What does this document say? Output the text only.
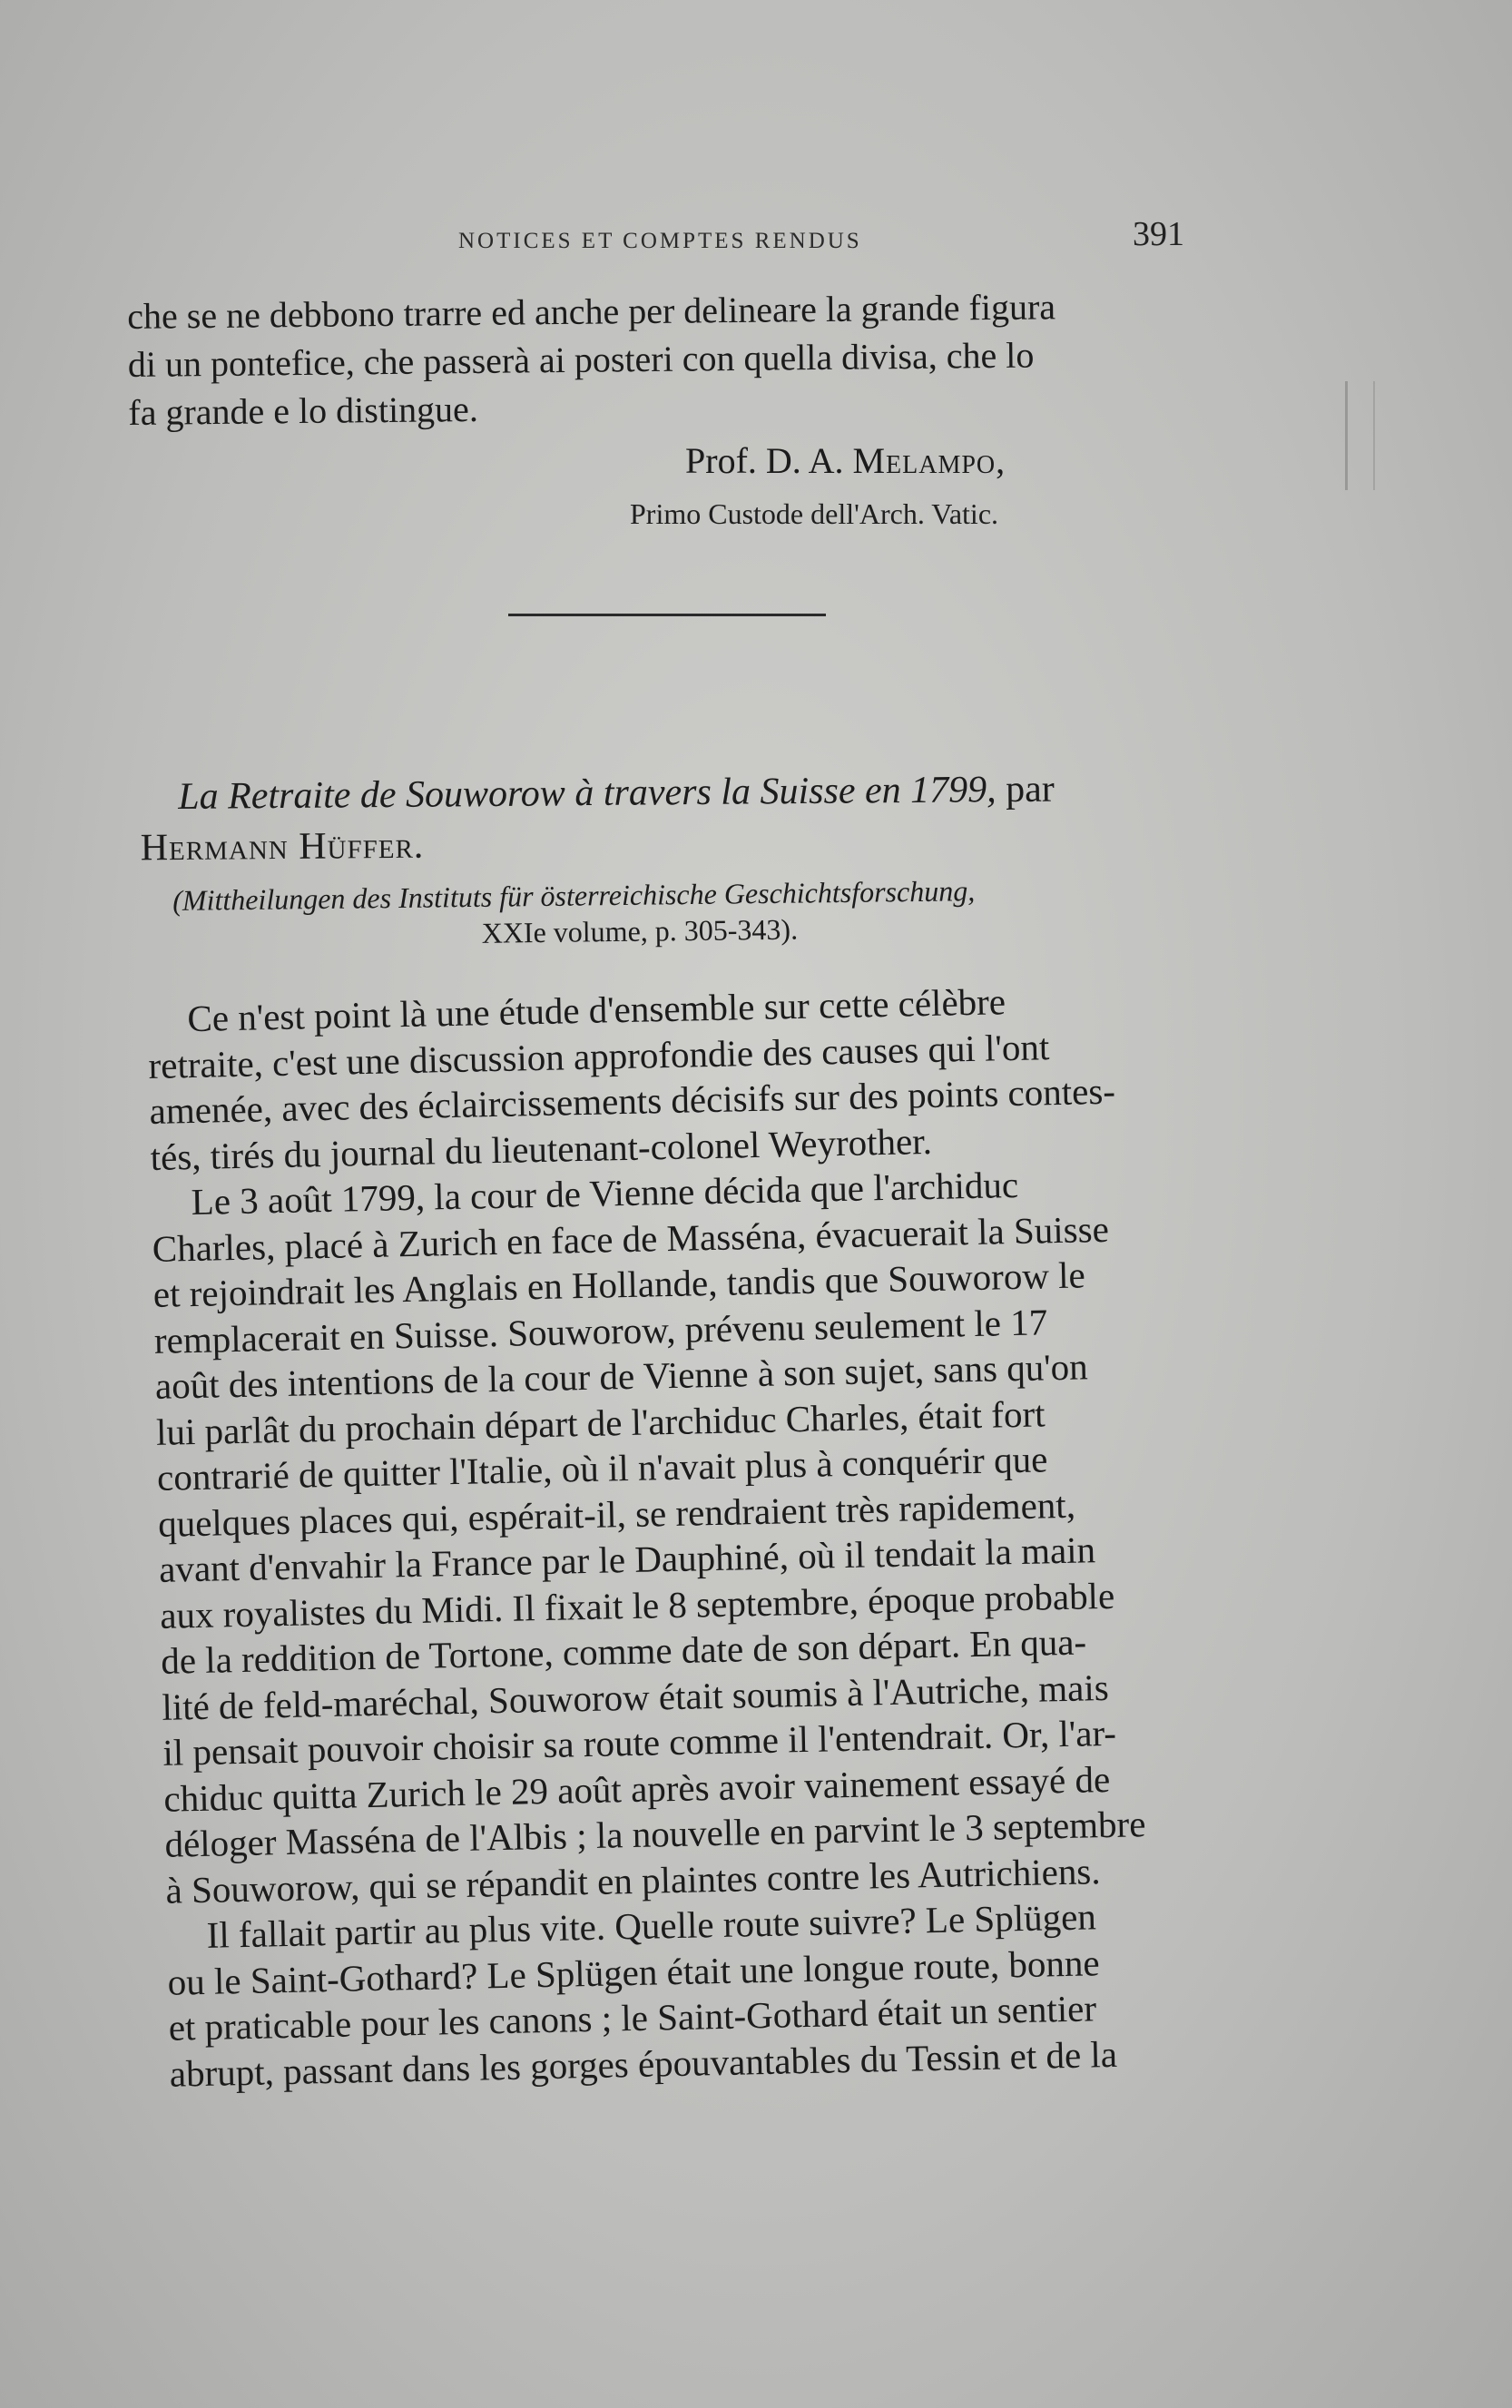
NOTICES ET COMPTES RENDUS	391
che se ne debbono trarre ed anche per delineare la grande figura
di un pontefice, che passerà ai posteri con quella divisa, che lo
fa grande e lo distingue.
Prof. D. A. Melampo,
Primo Custode dell'Arch. Vatic.
La Retraite de Souworow à travers la Suisse en 1799, par
Hermann Hüffer.
(Mittheilungen des Instituts für österreichische Geschichtsforschung,
XXIe volume, p. 305-343).
Ce n'est point là une étude d'ensemble sur cette célèbre
retraite, c'est une discussion approfondie des causes qui l'ont
amenée, avec des éclaircissements décisifs sur des points contes-
tés, tirés du journal du lieutenant-colonel Weyrother.
Le 3 août 1799, la cour de Vienne décida que l'archiduc
Charles, placé à Zurich en face de Masséna, évacuerait la Suisse
et rejoindrait les Anglais en Hollande, tandis que Souworow le
remplacerait en Suisse. Souworow, prévenu seulement le 17
août des intentions de la cour de Vienne à son sujet, sans qu'on
lui parlât du prochain départ de l'archiduc Charles, était fort
contrarié de quitter l'Italie, où il n'avait plus à conquérir que
quelques places qui, espérait-il, se rendraient très rapidement,
avant d'envahir la France par le Dauphiné, où il tendait la main
aux royalistes du Midi. Il fixait le 8 septembre, époque probable
de la reddition de Tortone, comme date de son départ. En qua-
lité de feld-maréchal, Souworow était soumis à l'Autriche, mais
il pensait pouvoir choisir sa route comme il l'entendrait. Or, l'ar-
chiduc quitta Zurich le 29 août après avoir vainement essayé de
déloger Masséna de l'Albis ; la nouvelle en parvint le 3 septembre
à Souworow, qui se répandit en plaintes contre les Autrichiens.
Il fallait partir au plus vite. Quelle route suivre? Le Splügen
ou le Saint-Gothard? Le Splügen était une longue route, bonne
et praticable pour les canons ; le Saint-Gothard était un sentier
abrupt, passant dans les gorges épouvantables du Tessin et de la
